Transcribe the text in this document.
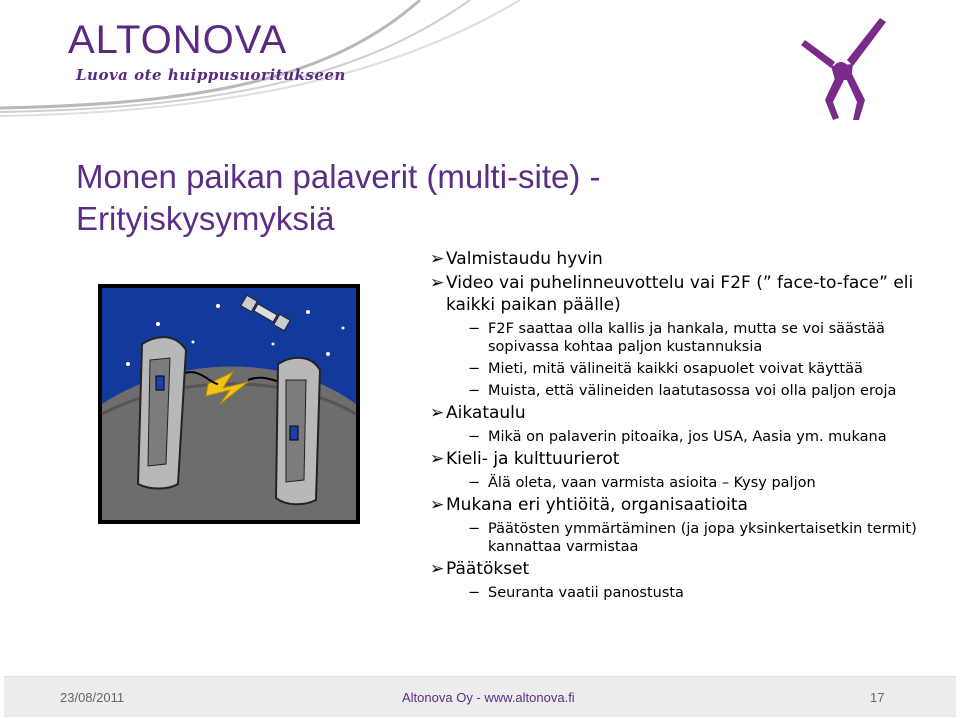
ALTONOVA
Luova ote huippusuoritukseen
Monen paikan palaverit (multi-site) -
Erityiskysymyksiä
➢ Valmistaudu hyvin
➢ Video vai puhelinneuvottelu vai F2F (” face-to-face” eli kaikki paikan päälle)
− F2F saattaa olla kallis ja hankala, mutta se voi säästää sopivassa kohtaa paljon kustannuksia
− Mieti, mitä välineitä kaikki osapuolet voivat käyttää
− Muista, että välineiden laatutasossa voi olla paljon eroja
➢ Aikataulu
− Mikä on palaverin pitoaika, jos USA, Aasia ym. mukana
➢ Kieli- ja kulttuurierot
− Älä oleta, vaan varmista asioita – Kysy paljon
➢ Mukana eri yhtiöitä, organisaatioita
− Päätösten ymmärtäminen (ja jopa yksinkertaisetkin termit) kannattaa varmistaa
➢ Päätökset
− Seuranta vaatii panostusta
23/08/2011	Altonova Oy - www.altonova.fi	17
